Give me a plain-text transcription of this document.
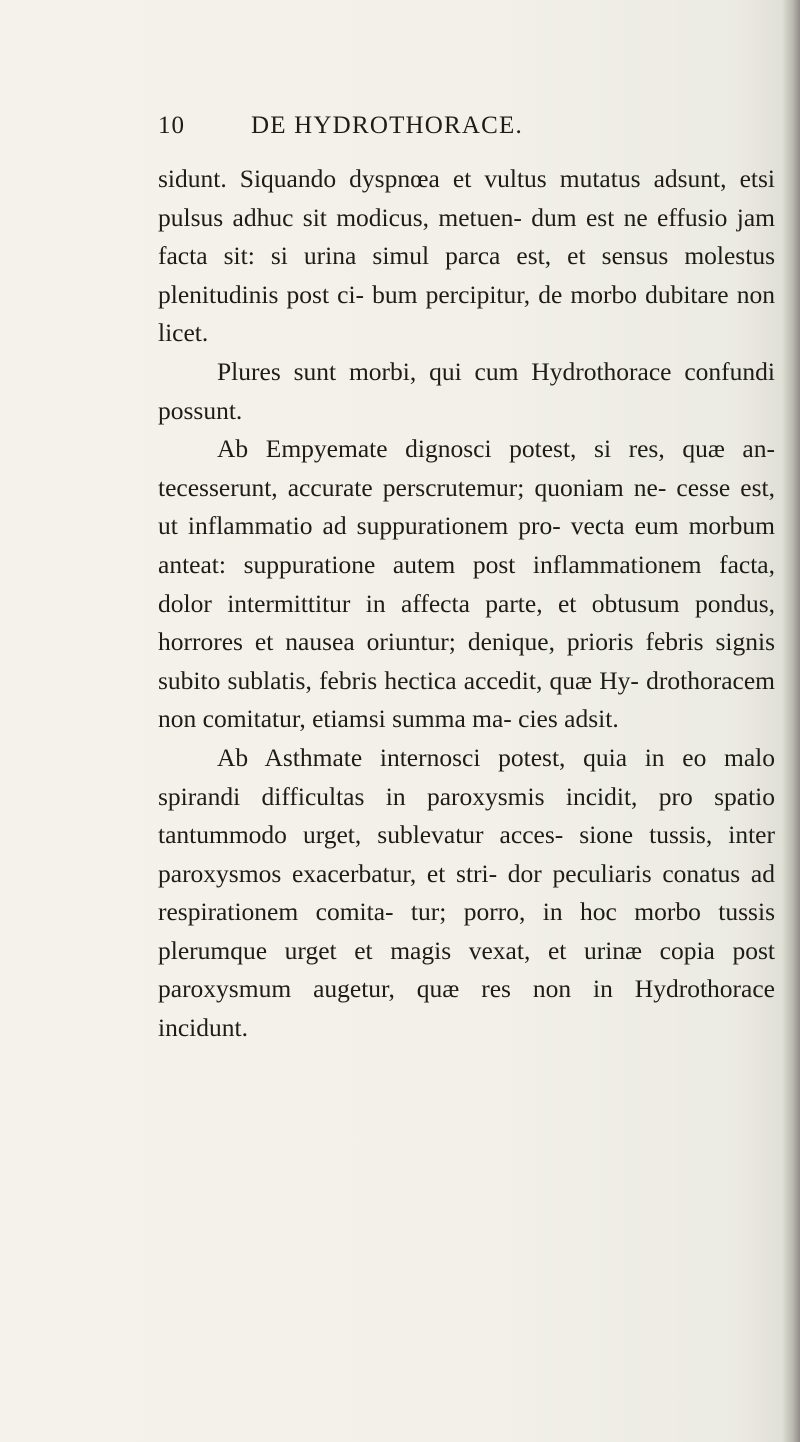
10	DE HYDROTHORACE.

sidunt. Siquando dyspnœa et vultus mutatus adsunt, etsi pulsus adhuc sit modicus, metuen- dum est ne effusio jam facta sit: si urina simul parca est, et sensus molestus plenitudinis post ci- bum percipitur, de morbo dubitare non licet.

Plures sunt morbi, qui cum Hydrothorace confundi possunt.

Ab Empyemate dignosci potest, si res, quæ an- tecesserunt, accurate perscrutemur; quoniam ne- cesse est, ut inflammatio ad suppurationem pro- vecta eum morbum anteat: suppuratione autem post inflammationem facta, dolor intermittitur in affecta parte, et obtusum pondus, horrores et nausea oriuntur; denique, prioris febris signis subito sublatis, febris hectica accedit, quæ Hy- drothoracem non comitatur, etiamsi summa ma- cies adsit.

Ab Asthmate internosci potest, quia in eo malo spirandi difficultas in paroxysmis incidit, pro spatio tantummodo urget, sublevatur acces- sione tussis, inter paroxysmos exacerbatur, et stri- dor peculiaris conatus ad respirationem comita- tur; porro, in hoc morbo tussis plerumque urget et magis vexat, et urinæ copia post paroxysmum augetur, quæ res non in Hydrothorace incidunt.
